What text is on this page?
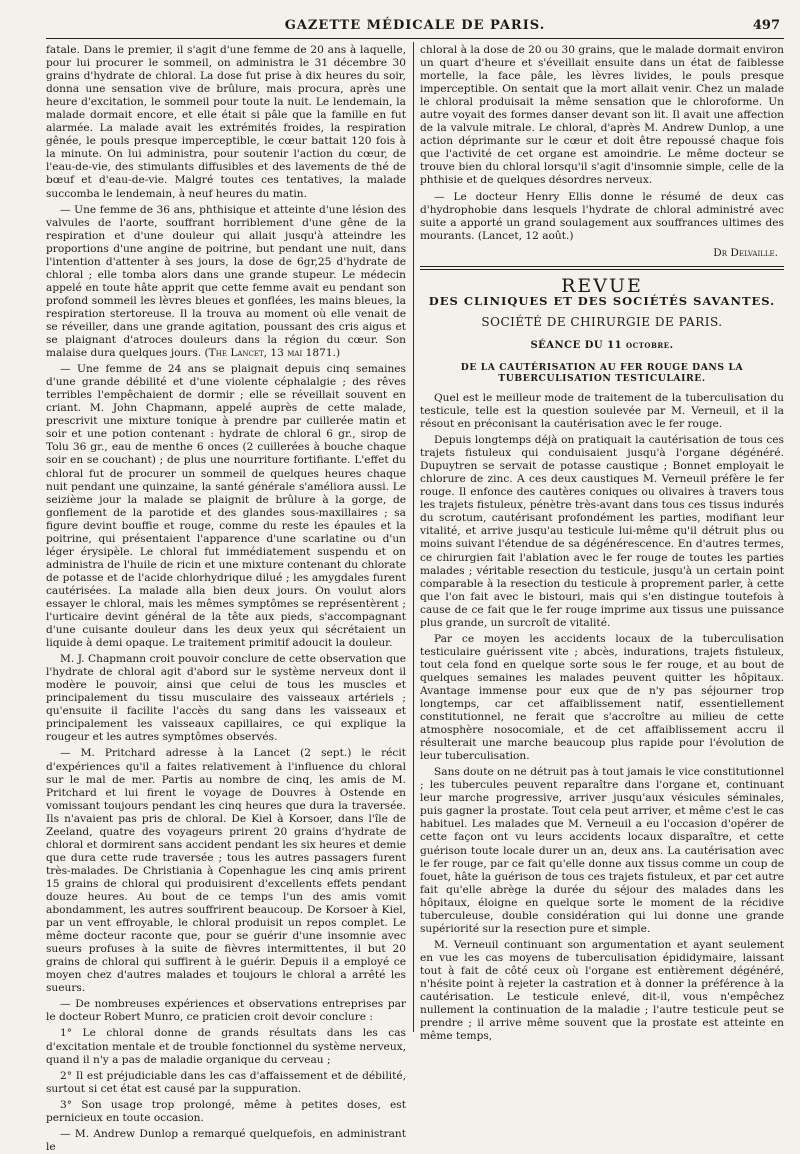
GAZETTE MÉDICALE DE PARIS.	497

fatale. Dans le premier, il s'agit d'une femme de 20 ans à laquelle, pour lui procurer le sommeil, on administra le 31 décembre 30 grains d'hydrate de chloral. La dose fut prise à dix heures du soir, donna une sensation vive de brûlure, mais procura, après une heure d'excitation, le sommeil pour toute la nuit. Le lendemain, la malade dormait encore, et elle était si pâle que la famille en fut alarmée. La malade avait les extrémités froides, la respiration gênée, le pouls presque imperceptible, le cœur battait 120 fois à la minute. On lui administra, pour soutenir l'action du cœur, de l'eau-de-vie, des stimulants diffusibles et des lavements de thé de bœuf et d'eau-de-vie. Malgré toutes ces tentatives, la malade succomba le lendemain, à neuf heures du matin.

— Une femme de 36 ans, phthisique et atteinte d'une lésion des valvules de l'aorte, souffrant horriblement d'une gêne de la respiration et d'une douleur qui allait jusqu'à atteindre les proportions d'une angine de poitrine, but pendant une nuit, dans l'intention d'attenter à ses jours, la dose de 6gr,25 d'hydrate de chloral ; elle tomba alors dans une grande stupeur. Le médecin appelé en toute hâte apprit que cette femme avait eu pendant son profond sommeil les lèvres bleues et gonflées, les mains bleues, la respiration stertoreuse. Il la trouva au moment où elle venait de se réveiller, dans une grande agitation, poussant des cris aigus et se plaignant d'atroces douleurs dans la région du cœur. Son malaise dura quelques jours. (The Lancet, 13 mai 1871.)

— Une femme de 24 ans se plaignait depuis cinq semaines d'une grande débilité et d'une violente céphalalgie ; des rêves terribles l'empêchaient de dormir ; elle se réveillait souvent en criant. M. John Chapmann, appelé auprès de cette malade, prescrivit une mixture tonique à prendre par cuillerée matin et soir et une potion contenant : hydrate de chloral 6 gr., sirop de Tolu 36 gr., eau de menthe 6 onces (2 cuillerées à bouche chaque soir en se couchant) ; de plus une nourriture fortifiante. L'effet du chloral fut de procurer un sommeil de quelques heures chaque nuit pendant une quinzaine, la santé générale s'améliora aussi. Le seizième jour la malade se plaignit de brûlure à la gorge, de gonflement de la parotide et des glandes sous-maxillaires ; sa figure devint bouffie et rouge, comme du reste les épaules et la poitrine, qui présentaient l'apparence d'une scarlatine ou d'un léger érysipèle. Le chloral fut immédiatement suspendu et on administra de l'huile de ricin et une mixture contenant du chlorate de potasse et de l'acide chlorhydrique dilué ; les amygdales furent cautérisées. La malade alla bien deux jours. On voulut alors essayer le chloral, mais les mêmes symptômes se représentèrent ; l'urticaire devint général de la tête aux pieds, s'accompagnant d'une cuisante douleur dans les deux yeux qui sécrétaient un liquide à demi opaque. Le traitement primitif adoucit la douleur.

M. J. Chapmann croit pouvoir conclure de cette observation que l'hydrate de chloral agit d'abord sur le système nerveux dont il modère le pouvoir, ainsi que celui de tous les muscles et principalement du tissu musculaire des vaisseaux artériels ; qu'ensuite il facilite l'accès du sang dans les vaisseaux et principalement les vaisseaux capillaires, ce qui explique la rougeur et les autres symptômes observés.

— M. Pritchard adresse à la Lancet (2 sept.) le récit d'expériences qu'il a faites relativement à l'influence du chloral sur le mal de mer. Partis au nombre de cinq, les amis de M. Pritchard et lui firent le voyage de Douvres à Ostende en vomissant toujours pendant les cinq heures que dura la traversée. Ils n'avaient pas pris de chloral. De Kiel à Korsoer, dans l'île de Zeeland, quatre des voyageurs prirent 20 grains d'hydrate de chloral et dormirent sans accident pendant les six heures et demie que dura cette rude traversée ; tous les autres passagers furent très-malades. De Christiania à Copenhague les cinq amis prirent 15 grains de chloral qui produisirent d'excellents effets pendant douze heures. Au bout de ce temps l'un des amis vomit abondamment, les autres souffrirent beaucoup. De Korsoer à Kiel, par un vent effroyable, le chloral produisit un repos complet. Le même docteur raconte que, pour se guérir d'une insomnie avec sueurs profuses à la suite de fièvres intermittentes, il but 20 grains de chloral qui suffirent à le guérir. Depuis il a employé ce moyen chez d'autres malades et toujours le chloral a arrêté les sueurs.

— De nombreuses expériences et observations entreprises par le docteur Robert Munro, ce praticien croit devoir conclure :

1° Le chloral donne de grands résultats dans les cas d'excitation mentale et de trouble fonctionnel du système nerveux, quand il n'y a pas de maladie organique du cerveau ;

2° Il est préjudiciable dans les cas d'affaissement et de débilité, surtout si cet état est causé par la suppuration.

3° Son usage trop prolongé, même à petites doses, est pernicieux en toute occasion.

— M. Andrew Dunlop a remarqué quelquefois, en administrant le

chloral à la dose de 20 ou 30 grains, que le malade dormait environ un quart d'heure et s'éveillait ensuite dans un état de faiblesse mortelle, la face pâle, les lèvres livides, le pouls presque imperceptible. On sentait que la mort allait venir. Chez un malade le chloral produisait la même sensation que le chloroforme. Un autre voyait des formes danser devant son lit. Il avait une affection de la valvule mitrale. Le chloral, d'après M. Andrew Dunlop, a une action déprimante sur le cœur et doit être repoussé chaque fois que l'activité de cet organe est amoindrie. Le même docteur se trouve bien du chloral lorsqu'il s'agit d'insomnie simple, celle de la phthisie et de quelques désordres nerveux.

— Le docteur Henry Ellis donne le résumé de deux cas d'hydrophobie dans lesquels l'hydrate de chloral administré avec suite a apporté un grand soulagement aux souffrances ultimes des mourants. (Lancet, 12 août.)

Dr Delvaille.
REVUE
DES CLINIQUES ET DES SOCIÉTÉS SAVANTES.
SOCIÉTÉ DE CHIRURGIE DE PARIS.
SÉANCE DU 11 octobre.
DE LA CAUTÉRISATION AU FER ROUGE DANS LA TUBERCULISATION TESTICULAIRE.

Quel est le meilleur mode de traitement de la tuberculisation du testicule, telle est la question soulevée par M. Verneuil, et il la résout en préconisant la cautérisation avec le fer rouge.

Depuis longtemps déjà on pratiquait la cautérisation de tous ces trajets fistuleux qui conduisaient jusqu'à l'organe dégénéré. Dupuytren se servait de potasse caustique ; Bonnet employait le chlorure de zinc. A ces deux caustiques M. Verneuil préfère le fer rouge. Il enfonce des cautères coniques ou olivaires à travers tous les trajets fistuleux, pénètre très-avant dans tous ces tissus indurés du scrotum, cautérisant profondément les parties, modifiant leur vitalité, et arrive jusqu'au testicule lui-même qu'il détruit plus ou moins suivant l'étendue de sa dégénérescence. En d'autres termes, ce chirurgien fait l'ablation avec le fer rouge de toutes les parties malades ; véritable resection du testicule, jusqu'à un certain point comparable à la resection du testicule à proprement parler, à cette que l'on fait avec le bistouri, mais qui s'en distingue toutefois à cause de ce fait que le fer rouge imprime aux tissus une puissance plus grande, un surcroît de vitalité.

Par ce moyen les accidents locaux de la tuberculisation testiculaire guérissent vite ; abcès, indurations, trajets fistuleux, tout cela fond en quelque sorte sous le fer rouge, et au bout de quelques semaines les malades peuvent quitter les hôpitaux. Avantage immense pour eux que de n'y pas séjourner trop longtemps, car cet affaiblissement natif, essentiellement constitutionnel, ne ferait que s'accroître au milieu de cette atmosphère nosocomiale, et de cet affaiblissement accru il résulterait une marche beaucoup plus rapide pour l'évolution de leur tuberculisation.

Sans doute on ne détruit pas à tout jamais le vice constitutionnel ; les tubercules peuvent reparaître dans l'organe et, continuant leur marche progressive, arriver jusqu'aux vésicules séminales, puis gagner la prostate. Tout cela peut arriver, et même c'est le cas habituel. Les malades que M. Verneuil a eu l'occasion d'opérer de cette façon ont vu leurs accidents locaux disparaître, et cette guérison toute locale durer un an, deux ans. La cautérisation avec le fer rouge, par ce fait qu'elle donne aux tissus comme un coup de fouet, hâte la guérison de tous ces trajets fistuleux, et par cet autre fait qu'elle abrège la durée du séjour des malades dans les hôpitaux, éloigne en quelque sorte le moment de la récidive tuberculeuse, double considération qui lui donne une grande supériorité sur la resection pure et simple.

M. Verneuil continuant son argumentation et ayant seulement en vue les cas moyens de tuberculisation épididymaire, laissant tout à fait de côté ceux où l'organe est entièrement dégénéré, n'hésite point à rejeter la castration et à donner la préférence à la cautérisation. Le testicule enlevé, dit-il, vous n'empêchez nullement la continuation de la maladie ; l'autre testicule peut se prendre ; il arrive même souvent que la prostate est atteinte en même temps,
